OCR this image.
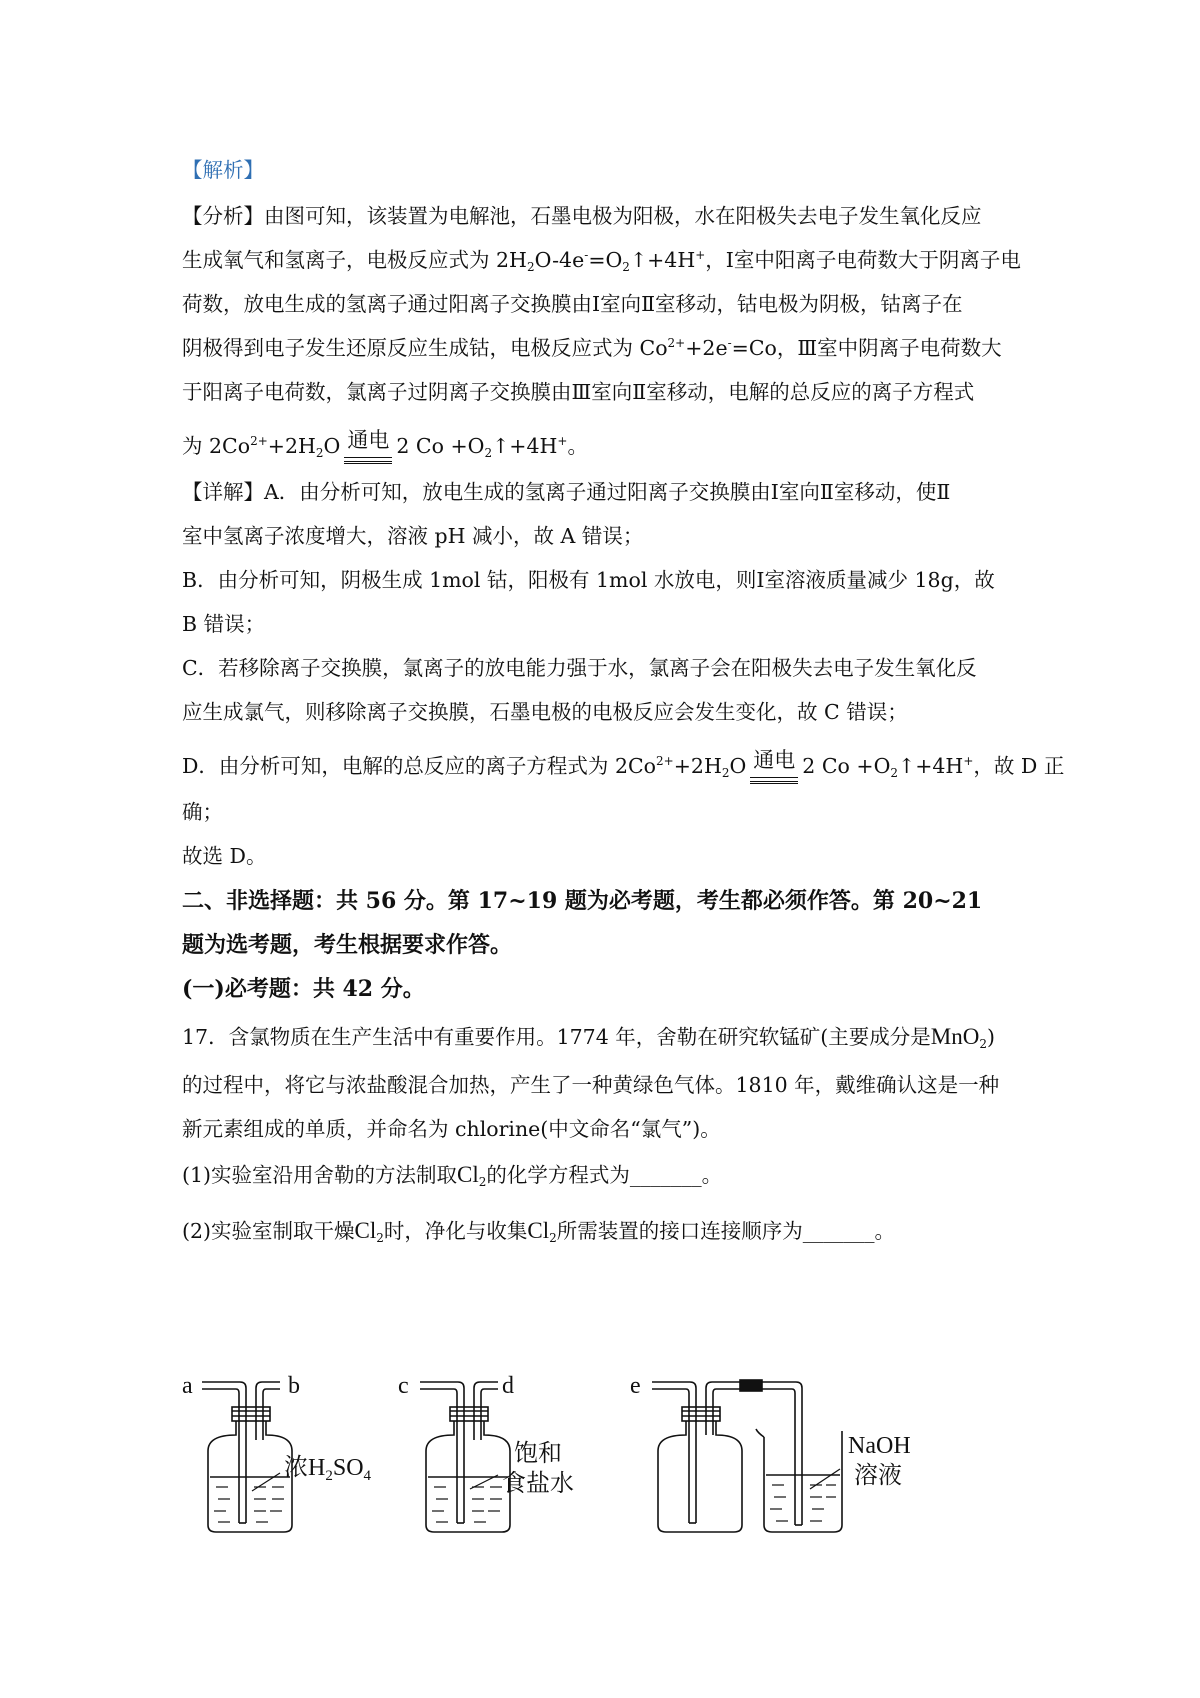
【解析】
【分析】由图可知，该装置为电解池，石墨电极为阳极，水在阳极失去电子发生氧化反应
生成氧气和氢离子，电极反应式为 $2H_2O-4e^-=O_2↑+4H^+$，Ⅰ室中阳离子电荷数大于阴离子电
荷数，放电生成的氢离子通过阳离子交换膜由Ⅰ室向Ⅱ室移动，钴电极为阴极，钴离子在
阴极得到电子发生还原反应生成钴，电极反应式为 $Co^{2+}+2e^-=Co$，Ⅲ室中阴离子电荷数大
于阳离子电荷数，氯离子过阴离子交换膜由Ⅲ室向Ⅱ室移动，电解的总反应的离子方程式
为 $2Co^{2+}+2H_2O$ 通电 2 $Co +O_2↑+4H^+$。
【详解】A．由分析可知，放电生成的氢离子通过阳离子交换膜由Ⅰ室向Ⅱ室移动，使Ⅱ
室中氢离子浓度增大，溶液 pH 减小，故 A 错误；
B．由分析可知，阴极生成 1mol 钴，阳极有 1mol 水放电，则Ⅰ室溶液质量减少 18g，故
B 错误；
C．若移除离子交换膜，氯离子的放电能力强于水，氯离子会在阳极失去电子发生氧化反
应生成氯气，则移除离子交换膜，石墨电极的电极反应会发生变化，故 C 错误；
D．由分析可知，电解的总反应的离子方程式为 $2Co^{2+}+2H_2O$ 通电 2 $Co +O_2↑+4H^+$，故 D 正
确；
故选 D。
二、非选择题：共 56 分。第 17~19 题为必考题，考生都必须作答。第 20~21
题为选考题，考生根据要求作答。
(一)必考题：共 42 分。
17．含氯物质在生产生活中有重要作用。1774 年，舍勒在研究软锰矿(主要成分是MnO$_2$)
的过程中，将它与浓盐酸混合加热，产生了一种黄绿色气体。1810 年，戴维确认这是一种
新元素组成的单质，并命名为 chlorine(中文命名“氯气”)。
(1)实验室沿用舍勒的方法制取$Cl_2$的化学方程式为_______。
(2)实验室制取干燥$Cl_2$时，净化与收集$Cl_2$所需装置的接口连接顺序为_______。
a	b
浓$H_2SO_4$
c	d
饱和
食盐水
e
NaOH
溶液
